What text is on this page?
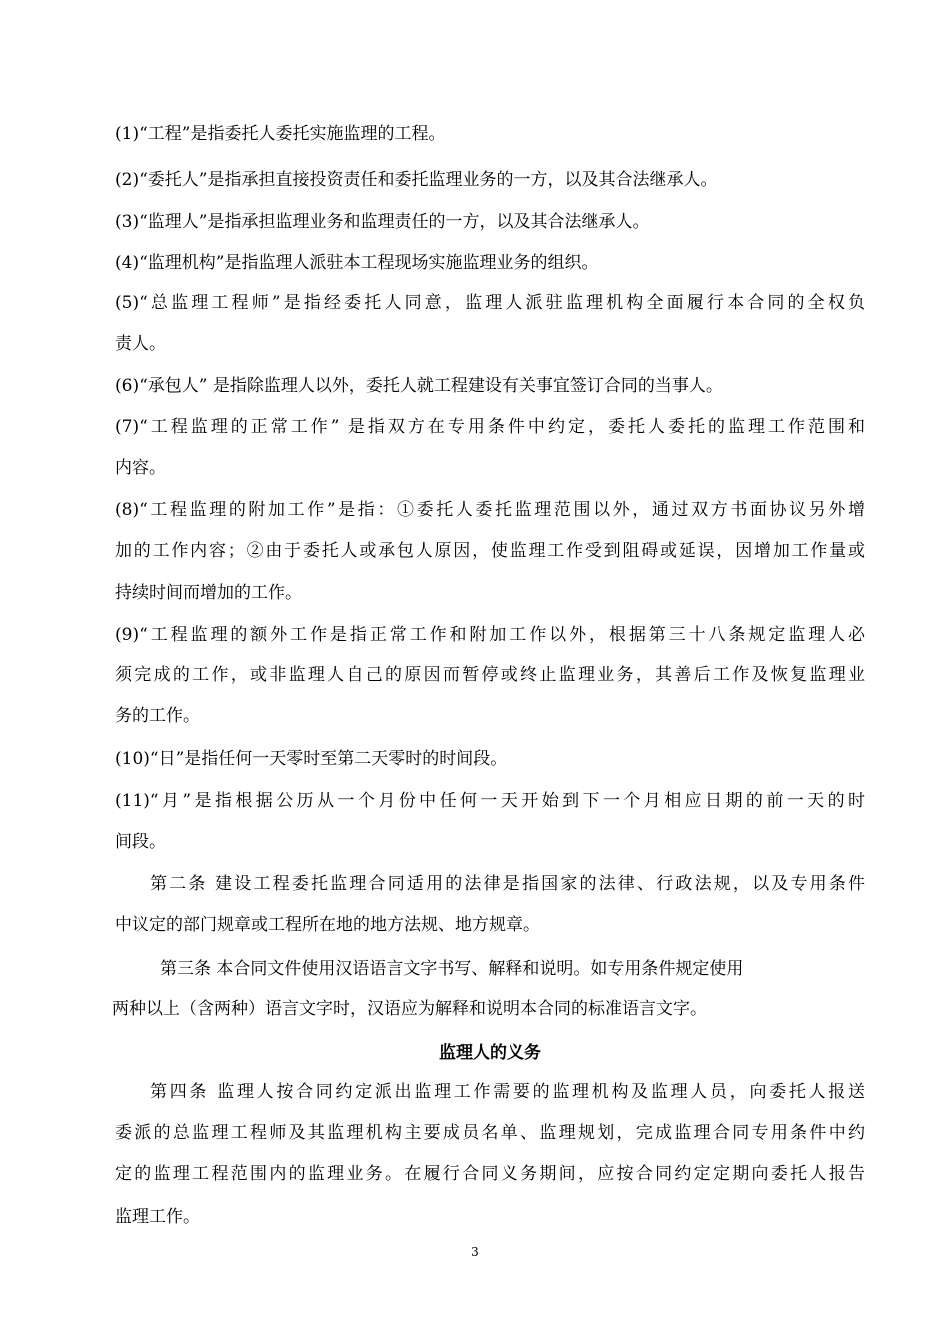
(1)“工程”是指委托人委托实施监理的工程。
(2)“委托人”是指承担直接投资责任和委托监理业务的一方，以及其合法继承人。
(3)“监理人”是指承担监理业务和监理责任的一方，以及其合法继承人。
(4)“监理机构”是指监理人派驻本工程现场实施监理业务的组织。
(5)“总监理工程师”是指经委托人同意，监理人派驻监理机构全面履行本合同的全权负
责人。
(6)“承包人” 是指除监理人以外，委托人就工程建设有关事宜签订合同的当事人。
(7)“工程监理的正常工作” 是指双方在专用条件中约定，委托人委托的监理工作范围和
内容。
(8)“工程监理的附加工作”是指：①委托人委托监理范围以外，通过双方书面协议另外增
加的工作内容；②由于委托人或承包人原因，使监理工作受到阻碍或延误，因增加工作量或
持续时间而增加的工作。
(9)“工程监理的额外工作是指正常工作和附加工作以外，根据第三十八条规定监理人必
须完成的工作，或非监理人自己的原因而暂停或终止监理业务，其善后工作及恢复监理业
务的工作。
(10)“日”是指任何一天零时至第二天零时的时间段。
(11)“月”是指根据公历从一个月份中任何一天开始到下一个月相应日期的前一天的时
间段。
第二条 建设工程委托监理合同适用的法律是指国家的法律、行政法规，以及专用条件
中议定的部门规章或工程所在地的地方法规、地方规章。
第三条 本合同文件使用汉语语言文字书写、解释和说明。如专用条件规定使用
两种以上（含两种）语言文字时，汉语应为解释和说明本合同的标准语言文字。
监理人的义务
第四条 监理人按合同约定派出监理工作需要的监理机构及监理人员，向委托人报送
委派的总监理工程师及其监理机构主要成员名单、监理规划，完成监理合同专用条件中约
定的监理工程范围内的监理业务。在履行合同义务期间，应按合同约定定期向委托人报告
监理工作。
3
